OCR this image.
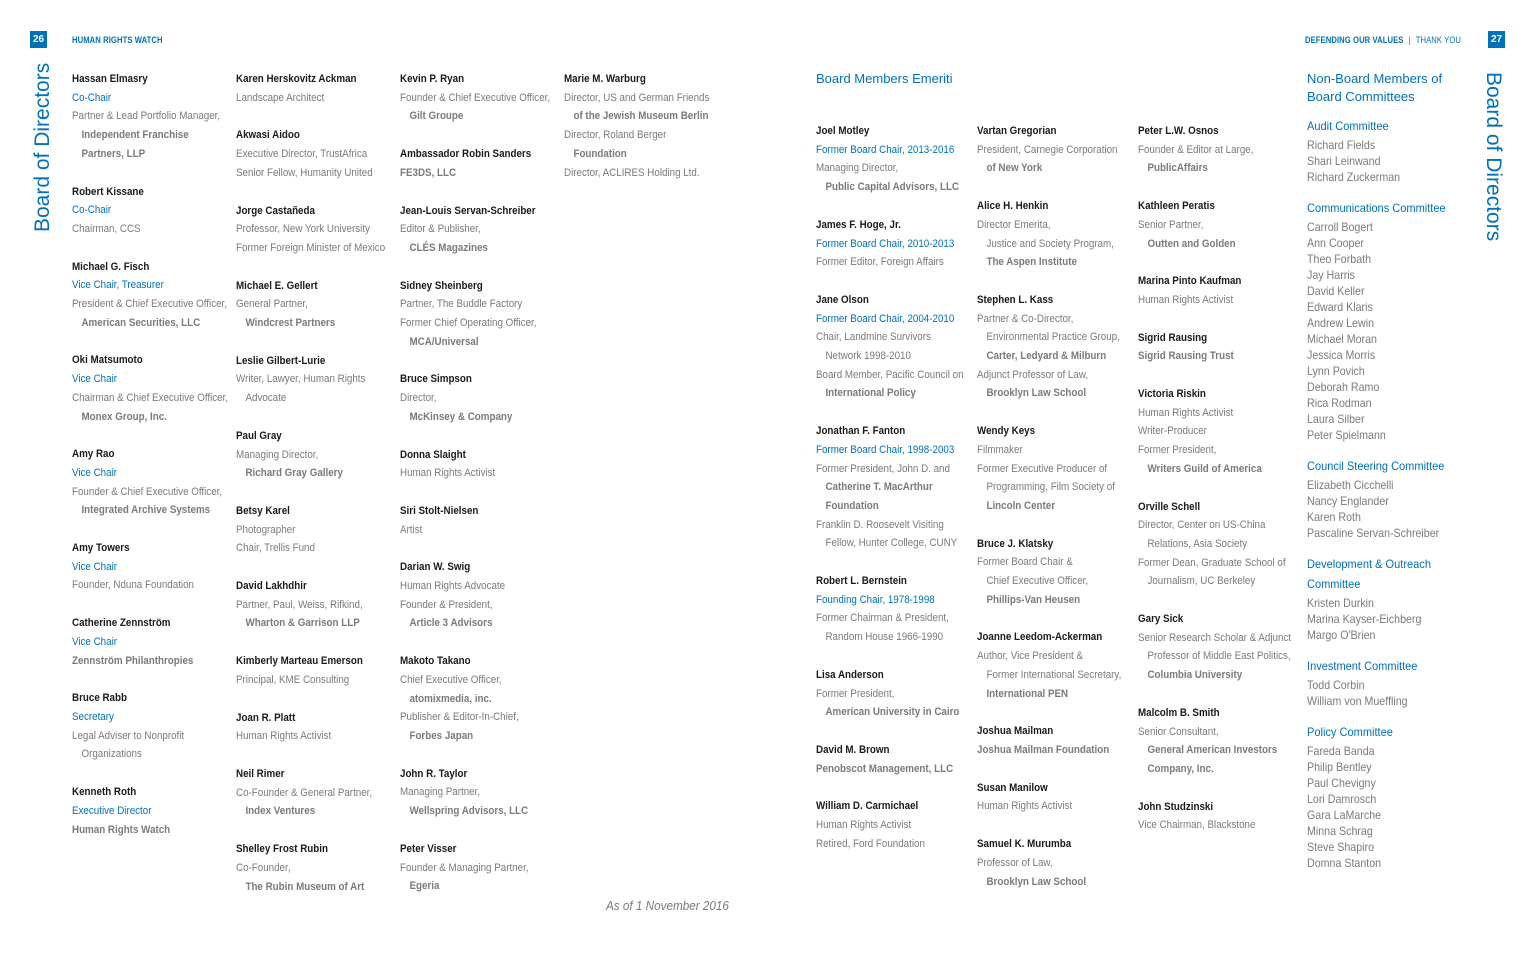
26	HUMAN RIGHTS WATCH	DEFENDING OUR VALUES | THANK YOU	27
Board of Directors	Board of Directors
Hassan Elmasry
Co-Chair
Partner & Lead Portfolio Manager,
Independent Franchise
Partners, LLP
Robert Kissane
Co-Chair
Chairman, CCS
Michael G. Fisch
Vice Chair, Treasurer
President & Chief Executive Officer,
American Securities, LLC
Oki Matsumoto
Vice Chair
Chairman & Chief Executive Officer,
Monex Group, Inc.
Amy Rao
Vice Chair
Founder & Chief Executive Officer,
Integrated Archive Systems
Amy Towers
Vice Chair
Founder, Nduna Foundation
Catherine Zennström
Vice Chair
Zennström Philanthropies
Bruce Rabb
Secretary
Legal Adviser to Nonprofit
Organizations
Kenneth Roth
Executive Director
Human Rights Watch
Karen Herskovitz Ackman
Landscape Architect
Akwasi Aidoo
Executive Director, TrustAfrica
Senior Fellow, Humanity United
Jorge Castañeda
Professor, New York University
Former Foreign Minister of Mexico
Michael E. Gellert
General Partner,
Windcrest Partners
Leslie Gilbert-Lurie
Writer, Lawyer, Human Rights
Advocate
Paul Gray
Managing Director,
Richard Gray Gallery
Betsy Karel
Photographer
Chair, Trellis Fund
David Lakhdhir
Partner, Paul, Weiss, Rifkind,
Wharton & Garrison LLP
Kimberly Marteau Emerson
Principal, KME Consulting
Joan R. Platt
Human Rights Activist
Neil Rimer
Co-Founder & General Partner,
Index Ventures
Shelley Frost Rubin
Co-Founder,
The Rubin Museum of Art
Kevin P. Ryan
Founder & Chief Executive Officer,
Gilt Groupe
Ambassador Robin Sanders
FE3DS, LLC
Jean-Louis Servan-Schreiber
Editor & Publisher,
CLÉS Magazines
Sidney Sheinberg
Partner, The Buddle Factory
Former Chief Operating Officer,
MCA/Universal
Bruce Simpson
Director,
McKinsey & Company
Donna Slaight
Human Rights Activist
Siri Stolt-Nielsen
Artist
Darian W. Swig
Human Rights Advocate
Founder & President,
Article 3 Advisors
Makoto Takano
Chief Executive Officer,
atomixmedia, inc.
Publisher & Editor-In-Chief,
Forbes Japan
John R. Taylor
Managing Partner,
Wellspring Advisors, LLC
Peter Visser
Founder & Managing Partner,
Egeria
Marie M. Warburg
Director, US and German Friends
of the Jewish Museum Berlin
Director, Roland Berger
Foundation
Director, ACLIRES Holding Ltd.
Board Members Emeriti
Joel Motley
Former Board Chair, 2013-2016
Managing Director,
Public Capital Advisors, LLC
James F. Hoge, Jr.
Former Board Chair, 2010-2013
Former Editor, Foreign Affairs
Jane Olson
Former Board Chair, 2004-2010
Chair, Landmine Survivors
Network 1998-2010
Board Member, Pacific Council on
International Policy
Jonathan F. Fanton
Former Board Chair, 1998-2003
Former President, John D. and
Catherine T. MacArthur
Foundation
Franklin D. Roosevelt Visiting
Fellow, Hunter College, CUNY
Robert L. Bernstein
Founding Chair, 1978-1998
Former Chairman & President,
Random House 1966-1990
Lisa Anderson
Former President,
American University in Cairo
David M. Brown
Penobscot Management, LLC
William D. Carmichael
Human Rights Activist
Retired, Ford Foundation
Vartan Gregorian
President, Carnegie Corporation
of New York
Alice H. Henkin
Director Emerita,
Justice and Society Program,
The Aspen Institute
Stephen L. Kass
Partner & Co-Director,
Environmental Practice Group,
Carter, Ledyard & Milburn
Adjunct Professor of Law,
Brooklyn Law School
Wendy Keys
Filmmaker
Former Executive Producer of
Programming, Film Society of
Lincoln Center
Bruce J. Klatsky
Former Board Chair &
Chief Executive Officer,
Phillips-Van Heusen
Joanne Leedom-Ackerman
Author, Vice President &
Former International Secretary,
International PEN
Joshua Mailman
Joshua Mailman Foundation
Susan Manilow
Human Rights Activist
Samuel K. Murumba
Professor of Law,
Brooklyn Law School
Peter L.W. Osnos
Founder & Editor at Large,
PublicAffairs
Kathleen Peratis
Senior Partner,
Outten and Golden
Marina Pinto Kaufman
Human Rights Activist
Sigrid Rausing
Sigrid Rausing Trust
Victoria Riskin
Human Rights Activist
Writer-Producer
Former President,
Writers Guild of America
Orville Schell
Director, Center on US-China
Relations, Asia Society
Former Dean, Graduate School of
Journalism, UC Berkeley
Gary Sick
Senior Research Scholar & Adjunct
Professor of Middle East Politics,
Columbia University
Malcolm B. Smith
Senior Consultant,
General American Investors
Company, Inc.
John Studzinski
Vice Chairman, Blackstone
Non-Board Members of
Board Committees
Audit Committee
Richard Fields
Shari Leinwand
Richard Zuckerman
Communications Committee
Carroll Bogert
Ann Cooper
Theo Forbath
Jay Harris
David Keller
Edward Klaris
Andrew Lewin
Michael Moran
Jessica Morris
Lynn Povich
Deborah Ramo
Rica Rodman
Laura Silber
Peter Spielmann
Council Steering Committee
Elizabeth Cicchelli
Nancy Englander
Karen Roth
Pascaline Servan-Schreiber
Development & Outreach
Committee
Kristen Durkin
Marina Kayser-Eichberg
Margo O'Brien
Investment Committee
Todd Corbin
William von Mueffling
Policy Committee
Fareda Banda
Philip Bentley
Paul Chevigny
Lori Damrosch
Gara LaMarche
Minna Schrag
Steve Shapiro
Domna Stanton
As of 1 November 2016
